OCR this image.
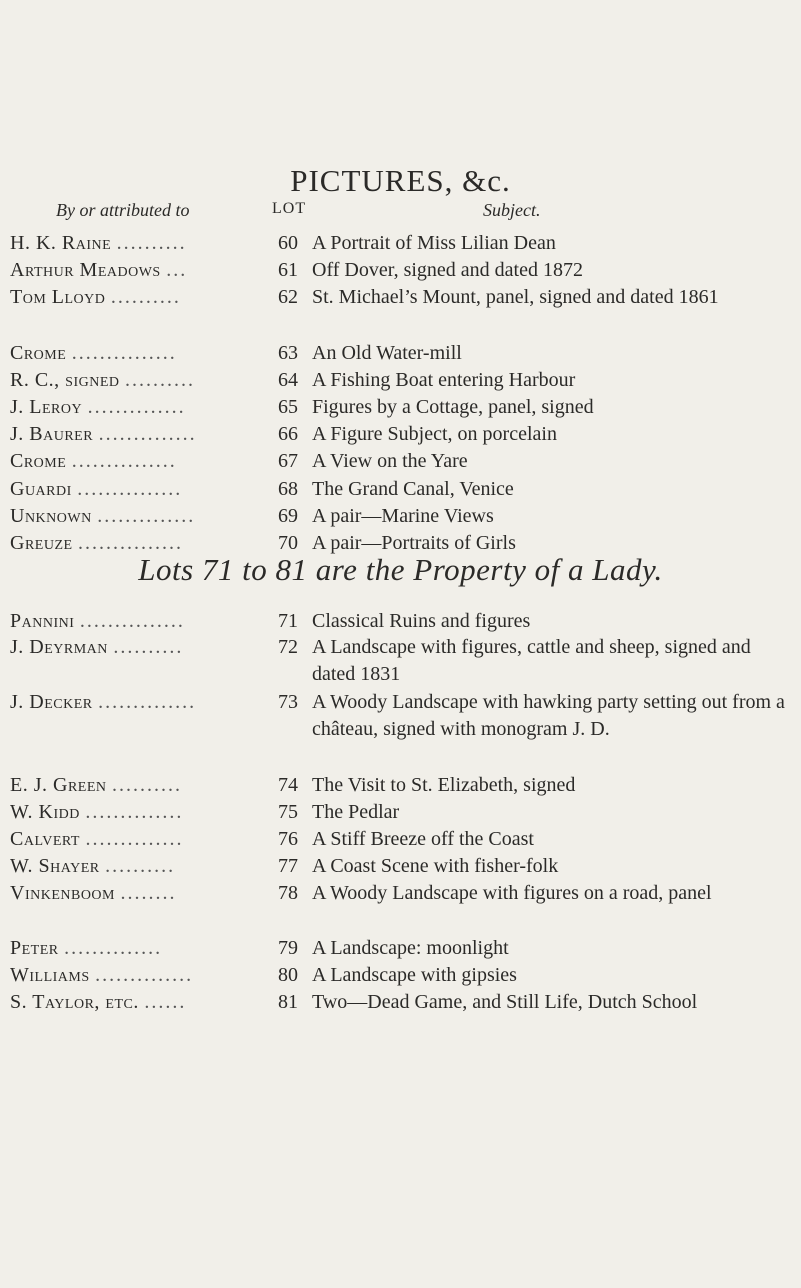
PICTURES, &c.
By or attributed to	LOT	Subject.
H. K. Raine ..........	60 A Portrait of Miss Lilian Dean
Arthur Meadows ...	61 Off Dover, signed and dated 1872
Tom Lloyd ..........	62 St. Michael’s Mount, panel, signed and dated 1861
Crome ...............	63 An Old Water-mill
R. C., signed ..........	64 A Fishing Boat entering Harbour
J. Leroy ..............	65 Figures by a Cottage, panel, signed
J. Baurer ..............	66 A Figure Subject, on porcelain
Crome ...............	67 A View on the Yare
Guardi ...............	68 The Grand Canal, Venice
Unknown ..............	69 A pair—Marine Views
Greuze ...............	70 A pair—Portraits of Girls
Lots 71 to 81 are the Property of a Lady.
Pannini ...............	71 Classical Ruins and figures
J. Deyrman ..........	72 A Landscape with figures, cattle and sheep, signed and dated 1831
J. Decker ..............	73 A Woody Landscape with hawking party setting out from a château, signed with monogram J. D.
E. J. Green ..........	74 The Visit to St. Elizabeth, signed
W. Kidd ..............	75 The Pedlar
Calvert ..............	76 A Stiff Breeze off the Coast
W. Shayer ..........	77 A Coast Scene with fisher-folk
Vinkenboom ........	78 A Woody Landscape with figures on a road, panel
Peter ..............	79 A Landscape: moonlight
Williams ..............	80 A Landscape with gipsies
S. Taylor, etc. ......	81 Two—Dead Game, and Still Life, Dutch School
